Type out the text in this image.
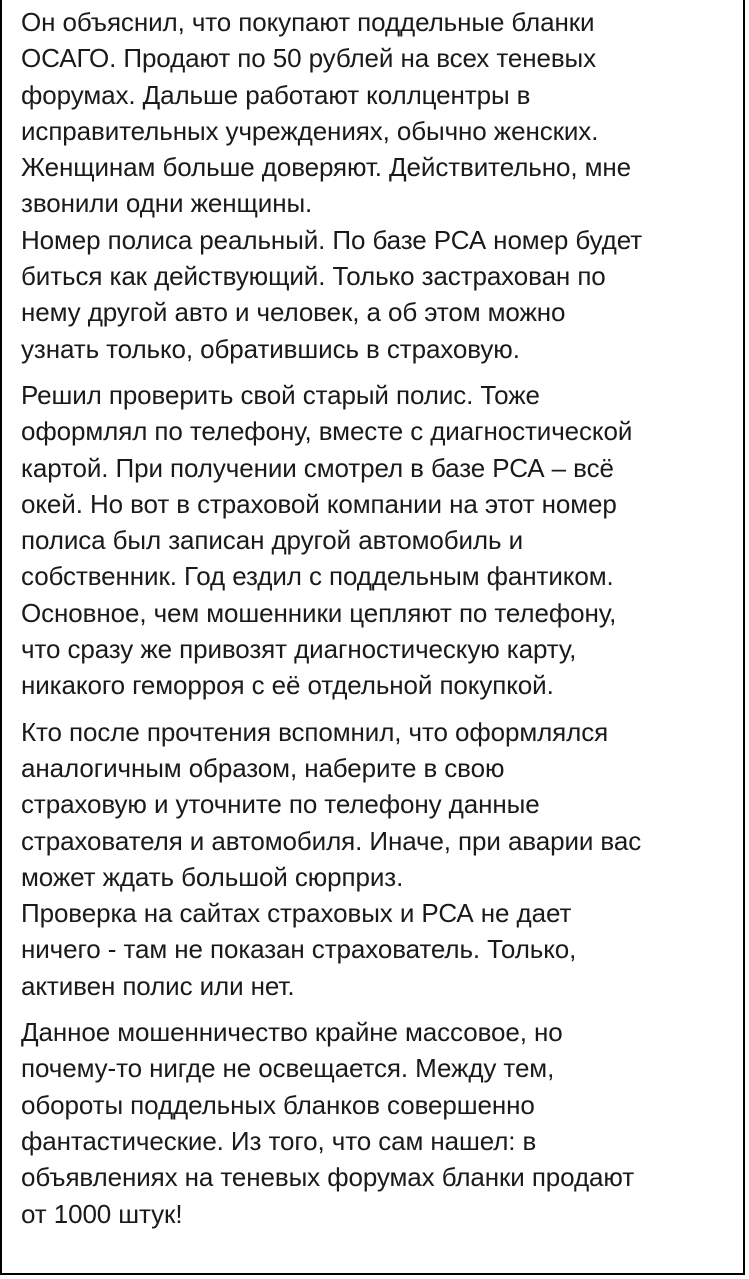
Он объяснил, что покупают поддельные бланки
ОСАГО. Продают по 50 рублей на всех теневых
форумах. Дальше работают коллцентры в
исправительных учреждениях, обычно женских.
Женщинам больше доверяют. Действительно, мне
звонили одни женщины.
Номер полиса реальный. По базе РСА номер будет
биться как действующий. Только застрахован по
нему другой авто и человек, а об этом можно
узнать только, обратившись в страховую.

Решил проверить свой старый полис. Тоже
оформлял по телефону, вместе с диагностической
картой. При получении смотрел в базе РСА – всё
окей. Но вот в страховой компании на этот номер
полиса был записан другой автомобиль и
собственник. Год ездил с поддельным фантиком.
Основное, чем мошенники цепляют по телефону,
что сразу же привозят диагностическую карту,
никакого геморроя с её отдельной покупкой.

Кто после прочтения вспомнил, что оформлялся
аналогичным образом, наберите в свою
страховую и уточните по телефону данные
страхователя и автомобиля. Иначе, при аварии вас
может ждать большой сюрприз.
Проверка на сайтах страховых и РСА не дает
ничего - там не показан страхователь. Только,
активен полис или нет.

Данное мошенничество крайне массовое, но
почему-то нигде не освещается. Между тем,
обороты поддельных бланков совершенно
фантастические. Из того, что сам нашел: в
объявлениях на теневых форумах бланки продают
от 1000 штук!
